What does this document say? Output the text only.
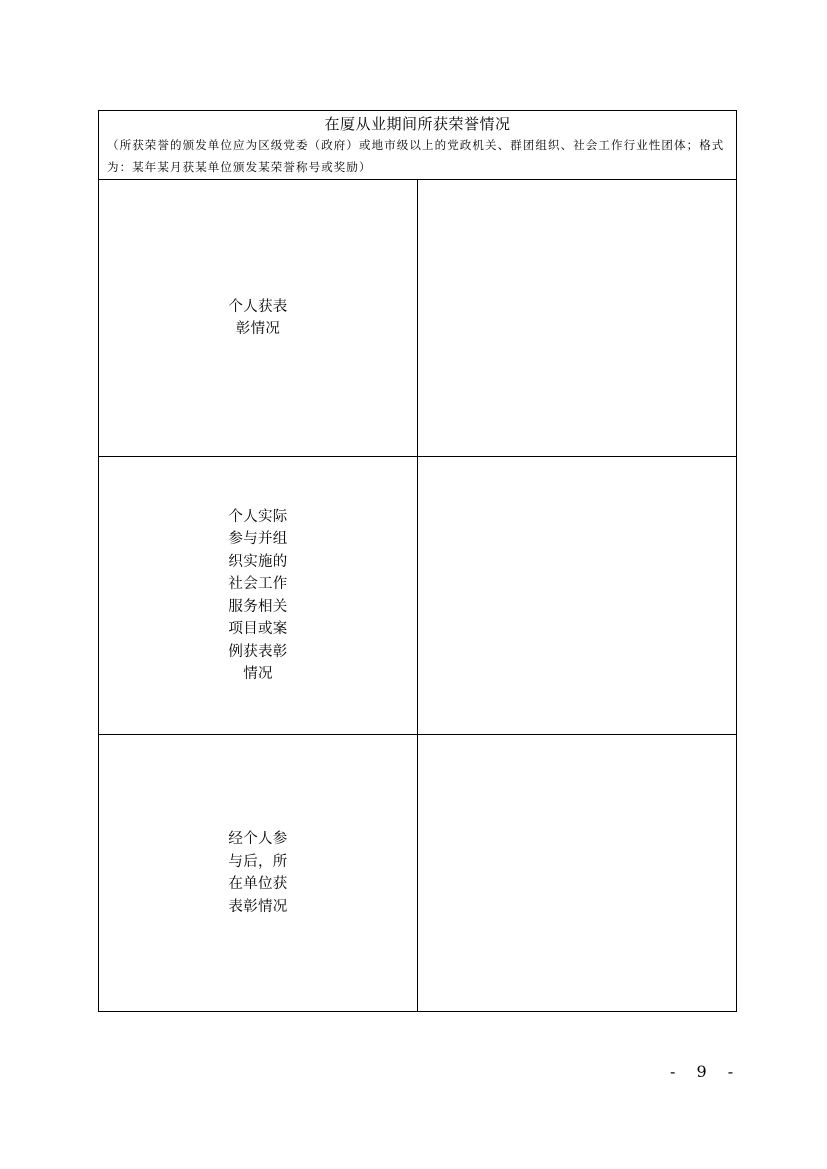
在厦从业期间所获荣誉情况
（所获荣誉的颁发单位应为区级党委（政府）或地市级以上的党政机关、群团组织、社会工作行业性团体；格式为：某年某月获某单位颁发某荣誉称号或奖励）	

个人获表彰情况	
个人实际参与并组织实施的社会工作服务相关项目或案例获表彰情况	
经个人参与后，所在单位获表彰情况	
- 9 -
